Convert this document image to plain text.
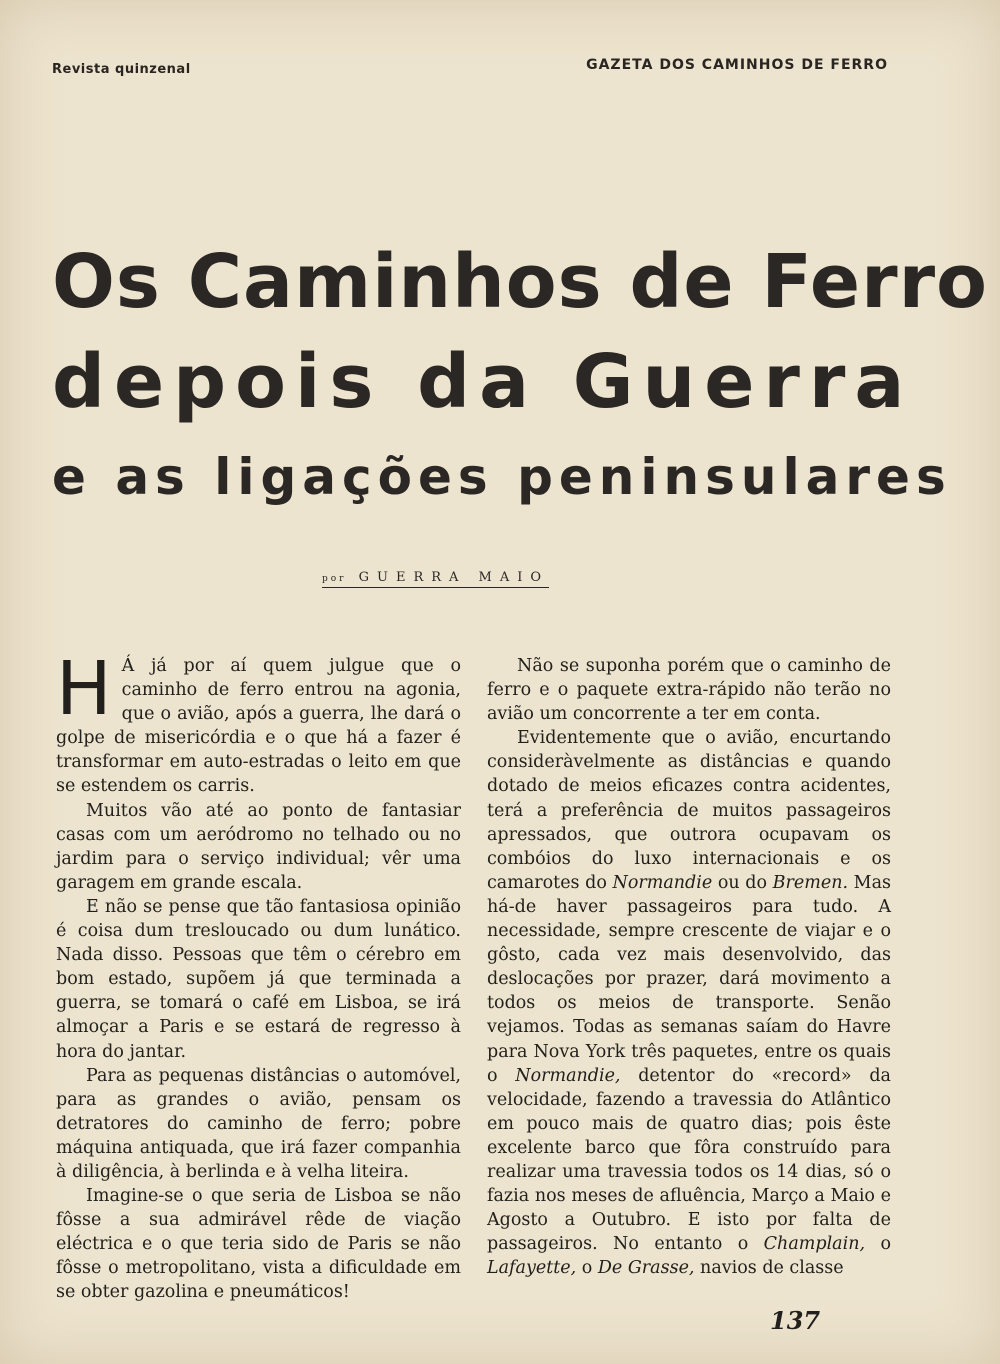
Revista quinzenal	GAZETA DOS CAMINHOS DE FERRO
Os Caminhos de Ferro
depois da Guerra
e as ligações peninsulares
por GUERRA MAIO

H Á já por aí quem julgue que o caminho de ferro entrou na agonia, que o avião, após a guerra, lhe dará o golpe de misericórdia e o que há a fazer é transformar em auto-estradas o leito em que se estendem os carris.

Muitos vão até ao ponto de fantasiar casas com um aeródromo no telhado ou no jardim para o serviço individual; vêr uma garagem em grande escala.

E não se pense que tão fantasiosa opinião é coisa dum tresloucado ou dum lunático. Nada disso. Pessoas que têm o cérebro em bom estado, supõem já que terminada a guerra, se tomará o café em Lisboa, se irá almoçar a Paris e se estará de regresso à hora do jantar.

Para as pequenas distâncias o automóvel, para as grandes o avião, pensam os detratores do caminho de ferro; pobre máquina antiquada, que irá fazer companhia à diligência, à berlinda e à velha liteira.

Imagine-se o que seria de Lisboa se não fôsse a sua admirável rêde de viação eléctrica e o que teria sido de Paris se não fôsse o metropolitano, vista a dificuldade em se obter gazolina e pneumáticos!

Não se suponha porém que o caminho de ferro e o paquete extra-rápido não terão no avião um concorrente a ter em conta.

Evidentemente que o avião, encurtando consideràvelmente as distâncias e quando dotado de meios eficazes contra acidentes, terá a preferência de muitos passageiros apressados, que outrora ocupavam os combóios do luxo internacionais e os camarotes do Normandie ou do Bremen. Mas há-de haver passageiros para tudo. A necessidade, sempre crescente de viajar e o gôsto, cada vez mais desenvolvido, das deslocações por prazer, dará movimento a todos os meios de transporte. Senão vejamos. Todas as semanas saíam do Havre para Nova York três paquetes, entre os quais o Normandie, detentor do «record» da velocidade, fazendo a travessia do Atlântico em pouco mais de quatro dias; pois êste excelente barco que fôra construído para realizar uma travessia todos os 14 dias, só o fazia nos meses de afluência, Março a Maio e Agosto a Outubro. E isto por falta de passageiros. No entanto o Champlain, o Lafayette, o De Grasse, navios de classe

137
